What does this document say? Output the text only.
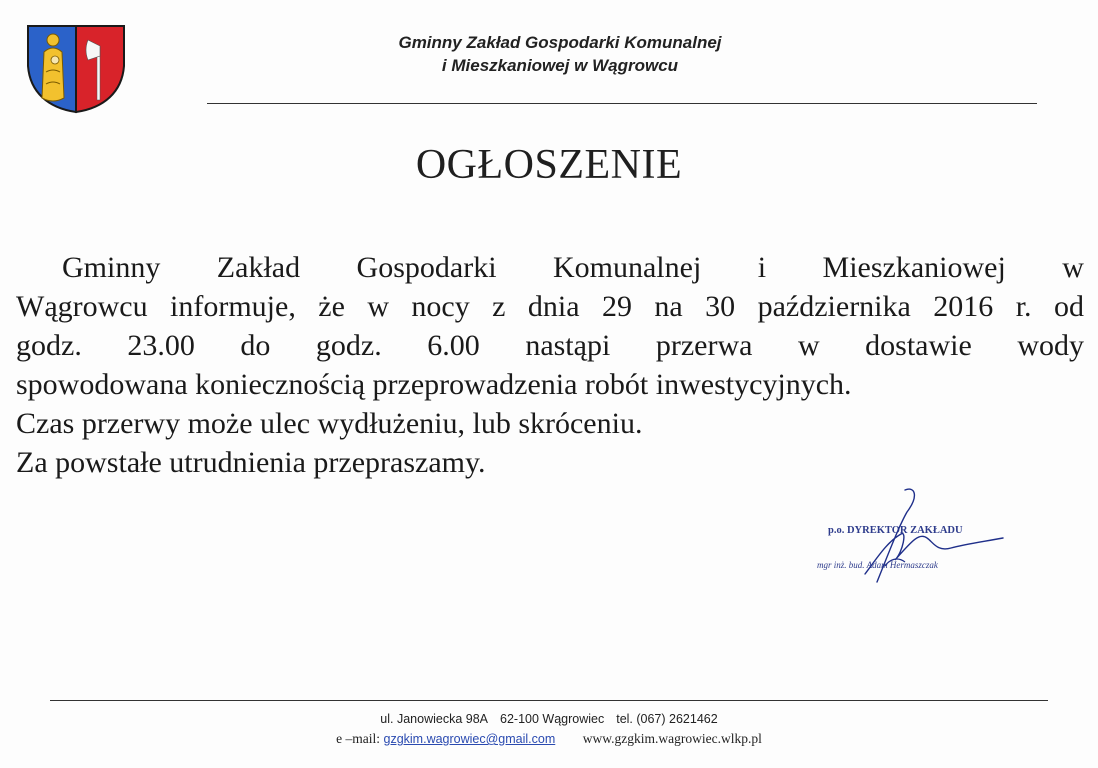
Gminny Zakład Gospodarki Komunalnej
i Mieszkaniowej w Wągrowcu
OGŁOSZENIE
Gminny Zakład Gospodarki Komunalnej i Mieszkaniowej w
Wągrowcu informuje, że w nocy z dnia 29 na 30 października 2016 r. od
godz. 23.00 do godz. 6.00 nastąpi przerwa w dostawie wody
spowodowana koniecznością przeprowadzenia robót inwestycyjnych.
Czas przerwy może ulec wydłużeniu, lub skróceniu.
Za powstałe utrudnienia przepraszamy.
p.o. DYREKTOR ZAKŁADU
mgr inż. bud. Adam Hermaszczak
ul. Janowiecka 98A 62-100 Wągrowiec tel. (067) 2621462
e –mail: gzgkim.wagrowiec@gmail.com www.gzgkim.wagrowiec.wlkp.pl
